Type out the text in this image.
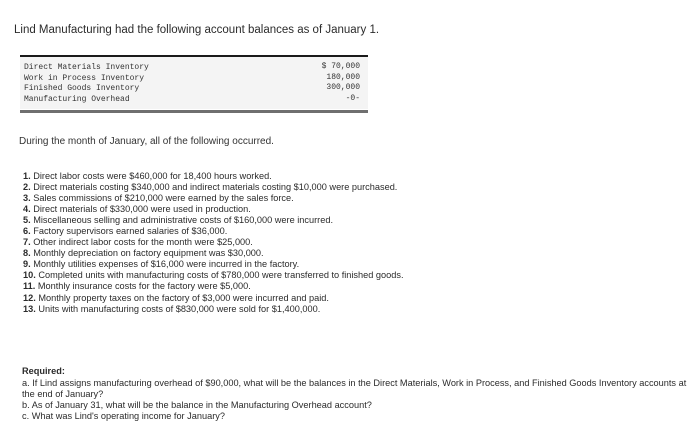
Lind Manufacturing had the following account balances as of January 1.
Direct Materials Inventory
Work in Process Inventory
Finished Goods Inventory
Manufacturing Overhead
$ 70,000
180,000
300,000
-0-
During the month of January, all of the following occurred.
1. Direct labor costs were $460,000 for 18,400 hours worked.
2. Direct materials costing $340,000 and indirect materials costing $10,000 were purchased.
3. Sales commissions of $210,000 were earned by the sales force.
4. Direct materials of $330,000 were used in production.
5. Miscellaneous selling and administrative costs of $160,000 were incurred.
6. Factory supervisors earned salaries of $36,000.
7. Other indirect labor costs for the month were $25,000.
8. Monthly depreciation on factory equipment was $30,000.
9. Monthly utilities expenses of $16,000 were incurred in the factory.
10. Completed units with manufacturing costs of $780,000 were transferred to finished goods.
11. Monthly insurance costs for the factory were $5,000.
12. Monthly property taxes on the factory of $3,000 were incurred and paid.
13. Units with manufacturing costs of $830,000 were sold for $1,400,000.
Required:
a. If Lind assigns manufacturing overhead of $90,000, what will be the balances in the Direct Materials, Work in Process, and Finished Goods Inventory accounts at the end of January?
b. As of January 31, what will be the balance in the Manufacturing Overhead account?
c. What was Lind's operating income for January?
